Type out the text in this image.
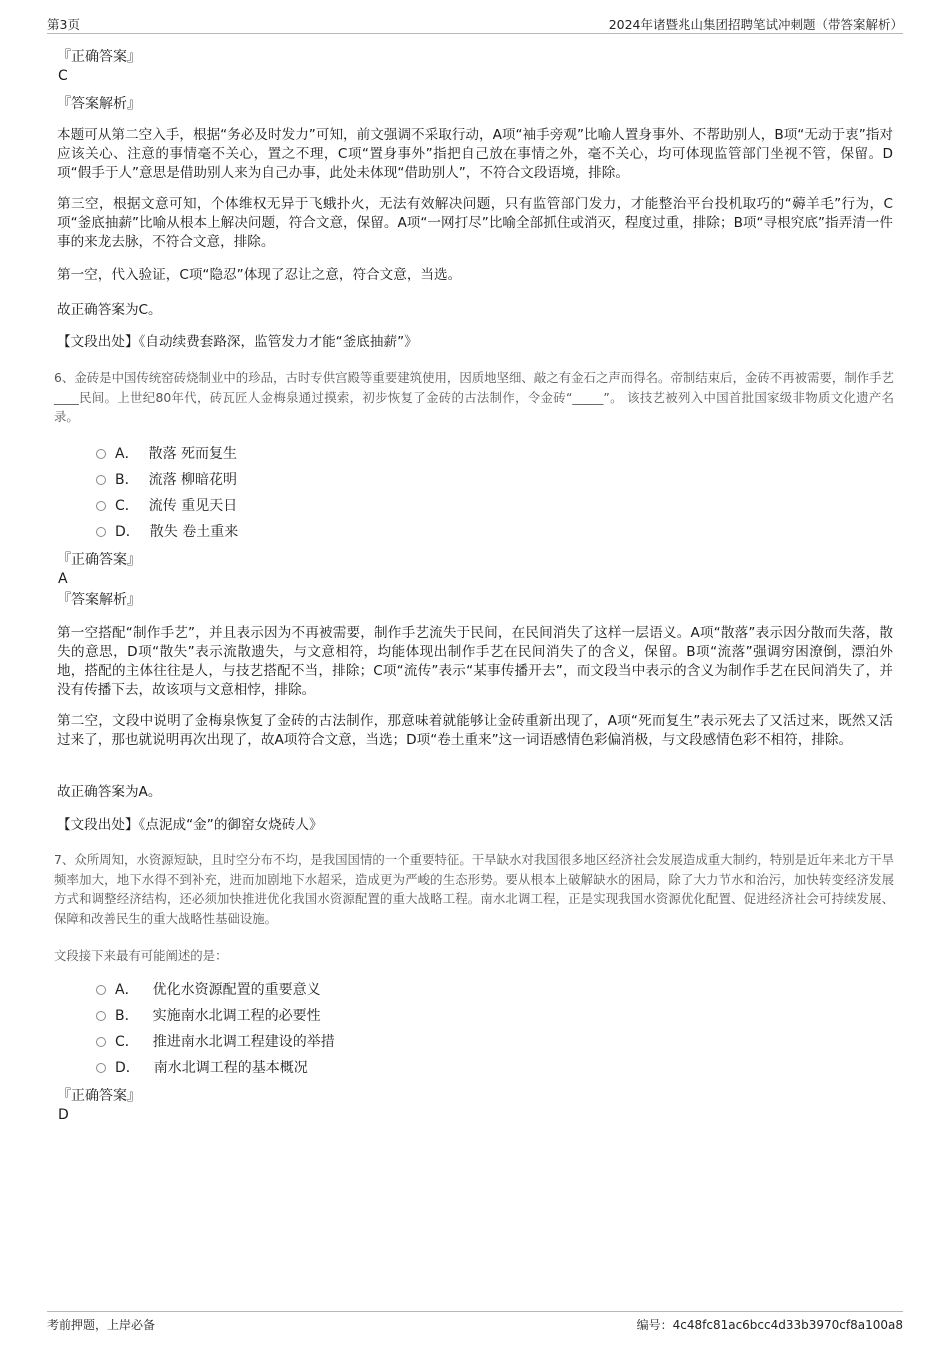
第3页	2024年诸暨兆山集团招聘笔试冲刺题（带答案解析）
『正确答案』
C
『答案解析』
本题可从第二空入手，根据“务必及时发力”可知，前文强调不采取行动，A项“袖手旁观”比喻人置身事外、不帮助别人，B项“无动于衷”指对应该关心、注意的事情毫不关心，置之不理，C项“置身事外”指把自己放在事情之外，毫不关心，均可体现监管部门坐视不管，保留。D项“假手于人”意思是借助别人来为自己办事，此处未体现“借助别人”，不符合文段语境，排除。
第三空，根据文意可知，个体维权无异于飞蛾扑火，无法有效解决问题，只有监管部门发力，才能整治平台投机取巧的“薅羊毛”行为，C项“釜底抽薪”比喻从根本上解决问题，符合文意，保留。A项“一网打尽”比喻全部抓住或消灭，程度过重，排除；B项“寻根究底”指弄清一件事的来龙去脉，不符合文意，排除。
第一空，代入验证，C项“隐忍”体现了忍让之意，符合文意，当选。
故正确答案为C。
【文段出处】《自动续费套路深，监管发力才能“釜底抽薪”》
6、金砖是中国传统窑砖烧制业中的珍品，古时专供宫殿等重要建筑使用，因质地坚细、敲之有金石之声而得名。帝制结束后，金砖不再被需要，制作手艺 ____民间。上世纪80年代，砖瓦匠人金梅泉通过摸索，初步恢复了金砖的古法制作，令金砖“_____”。 该技艺被列入中国首批国家级非物质文化遗产名录。
A． 散落 死而复生
B． 流落 柳暗花明
C． 流传 重见天日
D． 散失 卷土重来
『正确答案』
A
『答案解析』
第一空搭配“制作手艺”，并且表示因为不再被需要，制作手艺流失于民间，在民间消失了这样一层语义。A项“散落”表示因分散而失落，散失的意思，D项“散失”表示流散遗失，与文意相符，均能体现出制作手艺在民间消失了的含义，保留。B项“流落”强调穷困潦倒，漂泊外地，搭配的主体往往是人，与技艺搭配不当，排除；C项“流传”表示“某事传播开去”，而文段当中表示的含义为制作手艺在民间消失了，并没有传播下去，故该项与文意相悖，排除。
第二空，文段中说明了金梅泉恢复了金砖的古法制作，那意味着就能够让金砖重新出现了，A项“死而复生”表示死去了又活过来，既然又活过来了，那也就说明再次出现了，故A项符合文意，当选；D项“卷土重来”这一词语感情色彩偏消极，与文段感情色彩不相符，排除。
故正确答案为A。
【文段出处】《点泥成“金”的御窑女烧砖人》
7、众所周知，水资源短缺，且时空分布不均，是我国国情的一个重要特征。干旱缺水对我国很多地区经济社会发展造成重大制约，特别是近年来北方干旱频率加大，地下水得不到补充，进而加剧地下水超采，造成更为严峻的生态形势。要从根本上破解缺水的困局，除了大力节水和治污，加快转变经济发展方式和调整经济结构，还必须加快推进优化我国水资源配置的重大战略工程。南水北调工程，正是实现我国水资源优化配置、促进经济社会可持续发展、保障和改善民生的重大战略性基础设施。
文段接下来最有可能阐述的是：
A． 优化水资源配置的重要意义
B． 实施南水北调工程的必要性
C． 推进南水北调工程建设的举措
D． 南水北调工程的基本概况
『正确答案』
D
考前押题，上岸必备	编号：4c48fc81ac6bcc4d33b3970cf8a100a8
